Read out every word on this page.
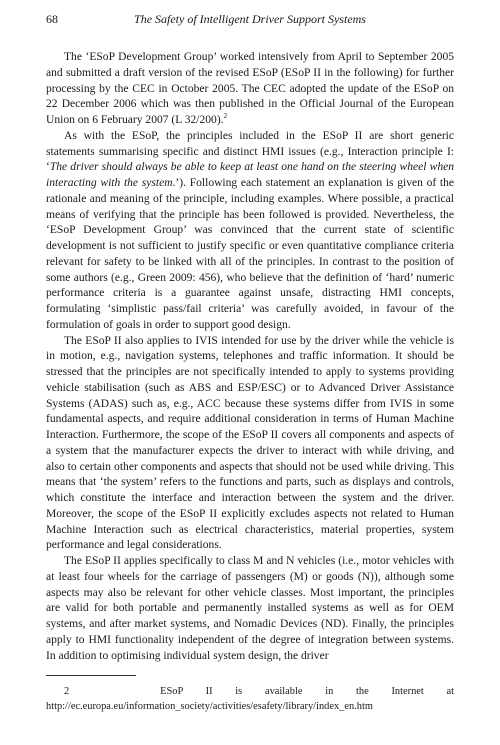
68	The Safety of Intelligent Driver Support Systems

The ‘ESoP Development Group’ worked intensively from April to September 2005 and submitted a draft version of the revised ESoP (ESoP II in the following) for further processing by the CEC in October 2005. The CEC adopted the update of the ESoP on 22 December 2006 which was then published in the Official Journal of the European Union on 6 February 2007 (L 32/200).$^2$

As with the ESoP, the principles included in the ESoP II are short generic statements summarising specific and distinct HMI issues (e.g., Interaction principle I: ‘The driver should always be able to keep at least one hand on the steering wheel when interacting with the system.’). Following each statement an explanation is given of the rationale and meaning of the principle, including examples. Where possible, a practical means of verifying that the principle has been followed is provided. Nevertheless, the ‘ESoP Development Group’ was convinced that the current state of scientific development is not sufficient to justify specific or even quantitative compliance criteria relevant for safety to be linked with all of the principles. In contrast to the position of some authors (e.g., Green 2009: 456), who believe that the definition of ‘hard’ numeric performance criteria is a guarantee against unsafe, distracting HMI concepts, formulating ‘simplistic pass/fail criteria’ was carefully avoided, in favour of the formulation of goals in order to support good design.

The ESoP II also applies to IVIS intended for use by the driver while the vehicle is in motion, e.g., navigation systems, telephones and traffic information. It should be stressed that the principles are not specifically intended to apply to systems providing vehicle stabilisation (such as ABS and ESP/ESC) or to Advanced Driver Assistance Systems (ADAS) such as, e.g., ACC because these systems differ from IVIS in some fundamental aspects, and require additional consideration in terms of Human Machine Interaction. Furthermore, the scope of the ESoP II covers all components and aspects of a system that the manufacturer expects the driver to interact with while driving, and also to certain other components and aspects that should not be used while driving. This means that ‘the system’ refers to the functions and parts, such as displays and controls, which constitute the interface and interaction between the system and the driver. Moreover, the scope of the ESoP II explicitly excludes aspects not related to Human Machine Interaction such as electrical characteristics, material properties, system performance and legal considerations.

The ESoP II applies specifically to class M and N vehicles (i.e., motor vehicles with at least four wheels for the carriage of passengers (M) or goods (N)), although some aspects may also be relevant for other vehicle classes. Most important, the principles are valid for both portable and permanently installed systems as well as for OEM systems, and after market systems, and Nomadic Devices (ND). Finally, the principles apply to HMI functionality independent of the degree of integration between systems. In addition to optimising individual system design, the driver

2	ESoP II is available in the Internet at http://ec.europa.eu/information_society/activities/esafety/library/index_en.htm
